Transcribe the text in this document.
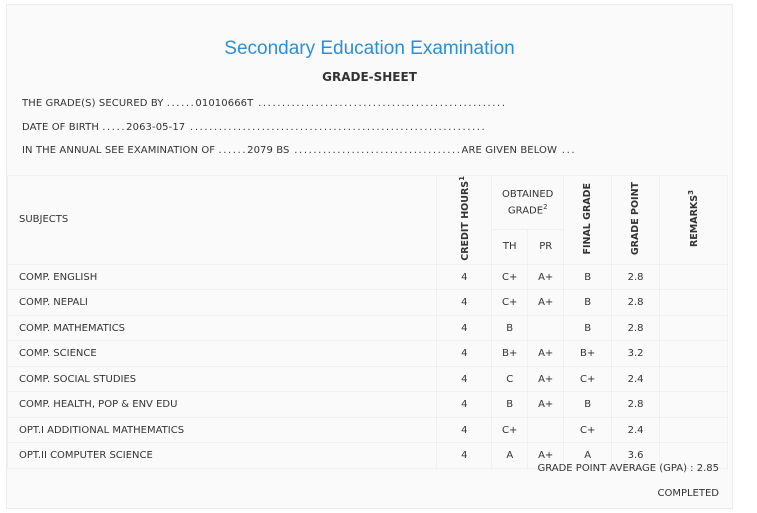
Secondary Education Examination
GRADE-SHEET
THE GRADE(S) SECURED BY ......01010666T ....................................................
DATE OF BIRTH .....2063-05-17 ..............................................................
IN THE ANNUAL SEE EXAMINATION OF ......2079 BS ...................................ARE GIVEN BELOW ...
SUBJECTS	CREDIT HOURS$^1$	OBTAINED GRADE$^2$		FINAL GRADE	GRADE POINT	REMARKS$^3$
		TH	PR			
COMP. ENGLISH	4	C+	A+	B	2.8	
COMP. NEPALI	4	C+	A+	B	2.8	
COMP. MATHEMATICS	4	B		B	2.8	
COMP. SCIENCE	4	B+	A+	B+	3.2	
COMP. SOCIAL STUDIES	4	C	A+	C+	2.4	
COMP. HEALTH, POP & ENV EDU	4	B	A+	B	2.8	
OPT.I ADDITIONAL MATHEMATICS	4	C+		C+	2.4	
OPT.II COMPUTER SCIENCE	4	A	A+	A	3.6	
GRADE POINT AVERAGE (GPA) : 2.85
COMPLETED
